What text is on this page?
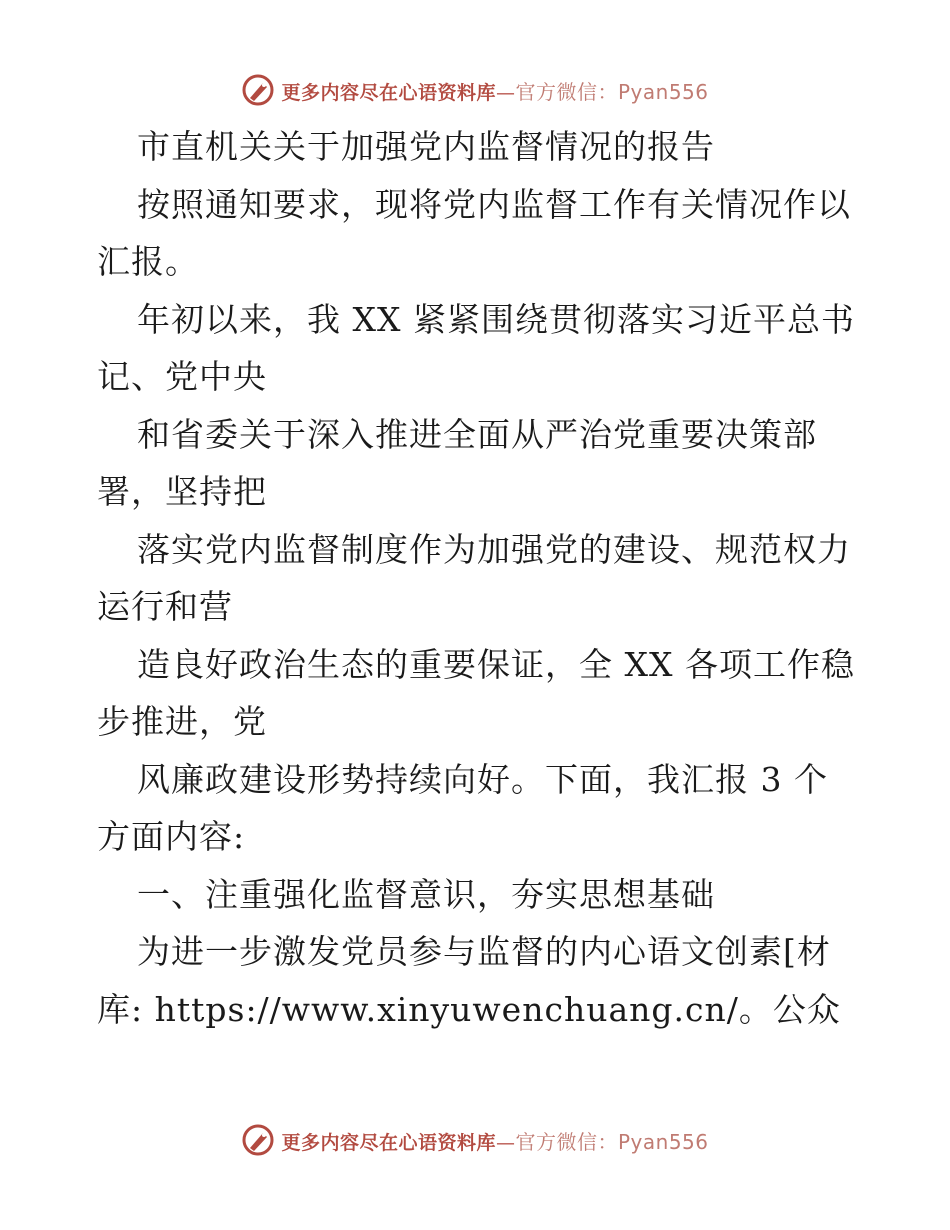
更多内容尽在心语资料库—官方微信：Pyan556
市直机关关于加强党内监督情况的报告
按照通知要求，现将党内监督工作有关情况作以
汇报。
年初以来，我 XX 紧紧围绕贯彻落实习近平总书
记、党中央
和省委关于深入推进全面从严治党重要决策部
署，坚持把
落实党内监督制度作为加强党的建设、规范权力
运行和营
造良好政治生态的重要保证，全 XX 各项工作稳
步推进，党
风廉政建设形势持续向好。下面，我汇报 3 个
方面内容:
一、注重强化监督意识，夯实思想基础
为进一步激发党员参与监督的内心语文创素[材
库: https://www.xinyuwenchuang.cn/。公众
更多内容尽在心语资料库—官方微信：Pyan556
